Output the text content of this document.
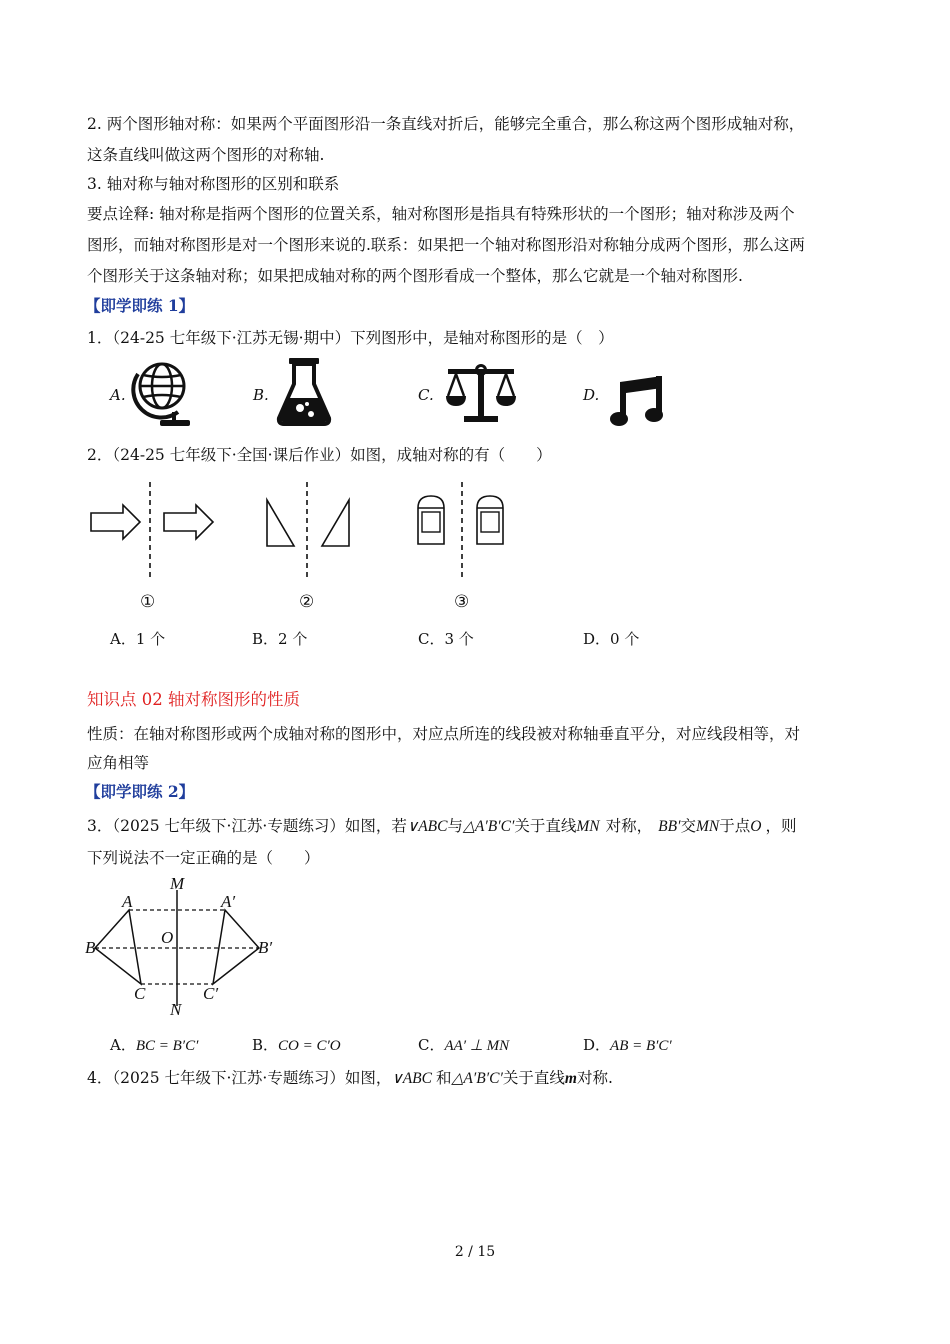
2. 两个图形轴对称：如果两个平面图形沿一条直线对折后，能够完全重合，那么称这两个图形成轴对称，
这条直线叫做这两个图形的对称轴.
3. 轴对称与轴对称图形的区别和联系
要点诠释: 轴对称是指两个图形的位置关系，轴对称图形是指具有特殊形状的一个图形；轴对称涉及两个
图形，而轴对称图形是对一个图形来说的.联系：如果把一个轴对称图形沿对称轴分成两个图形，那么这两
个图形关于这条轴对称；如果把成轴对称的两个图形看成一个整体，那么它就是一个轴对称图形.
【即学即练 1】
1．（24-25 七年级下·江苏无锡·期中）下列图形中，是轴对称图形的是（　）
A.	B.	C.	D.
2．（24-25 七年级下·全国·课后作业）如图，成轴对称的有（　　）
①	②	③
A．1 个	B．2 个	C．3 个	D．0 个
知识点 02 轴对称图形的性质
性质：在轴对称图形或两个成轴对称的图形中，对应点所连的线段被对称轴垂直平分，对应线段相等，对
应角相等
【即学即练 2】
3．（2025 七年级下·江苏·专题练习）如图，若∨ABC与△A′B′C′关于直线MN 对称， BB′交MN于点O ，则
下列说法不一定正确的是（　　）
M
N
A	A′
B	B′
C	C′
O
A．BC = B′C′	B．CO = C′O	C．AA′ ⊥ MN	D．AB = B′C′
4．（2025 七年级下·江苏·专题练习）如图，∨ABC 和△A′B′C′关于直线m对称.
2 / 15
